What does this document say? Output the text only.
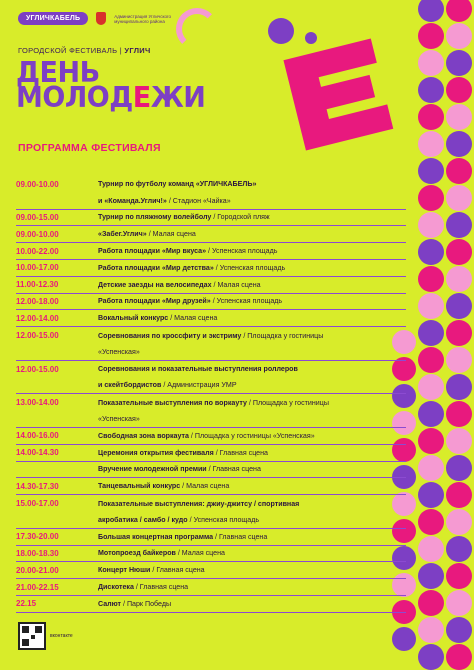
УГЛИЧКАБЕЛЬ	Администрация Угличского муниципального района
ГОРОДСКОЙ ФЕСТИВАЛЬ | УГЛИЧ
ДЕНЬ
МОЛОДЕЖИ
ПРОГРАММА ФЕСТИВАЛЯ
09.00-10.00	Турнир по футболу команд «УГЛИЧКАБЕЛЬ»
и «Команда.Углич!» / Стадион «Чайка»
09.00-15.00	Турнир по пляжному волейболу / Городской пляж
09.00-10.00	«Забег.Углич» / Малая сцена
10.00-22.00	Работа площадки «Мир вкуса» / Успенская площадь
10.00-17.00	Работа площадки «Мир детства» / Успенская площадь
11.00-12.30	Детские заезды на велосипедах / Малая сцена
12.00-18.00	Работа площадки «Мир друзей» / Успенская площадь
12.00-14.00	Вокальный конкурс / Малая сцена
12.00-15.00	Соревнования по кроссфиту и экстриму / Площадка у гостиницы
«Успенская»
12.00-15.00	Соревнования и показательные выступления роллеров
и скейтбордистов / Администрация УМР
13.00-14.00	Показательные выступления по воркауту / Площадка у гостиницы
«Успенская»
14.00-16.00	Свободная зона воркаута / Площадка у гостиницы «Успенская»
14.00-14.30	Церемония открытия фестиваля / Главная сцена
Вручение молодежной премии / Главная сцена
14.30-17.30	Танцевальный конкурс / Малая сцена
15.00-17.00	Показательные выступления: джиу-джитсу / спортивная
акробатика / самбо / кудо / Успенская площадь
17.30-20.00	Большая концертная программа / Главная сцена
18.00-18.30	Мотопроезд байкеров / Малая сцена
20.00-21.00	Концерт Нюши / Главная сцена
21.00-22.15	Дискотека / Главная сцена
22.15	Салют / Парк Победы
вконтакте
